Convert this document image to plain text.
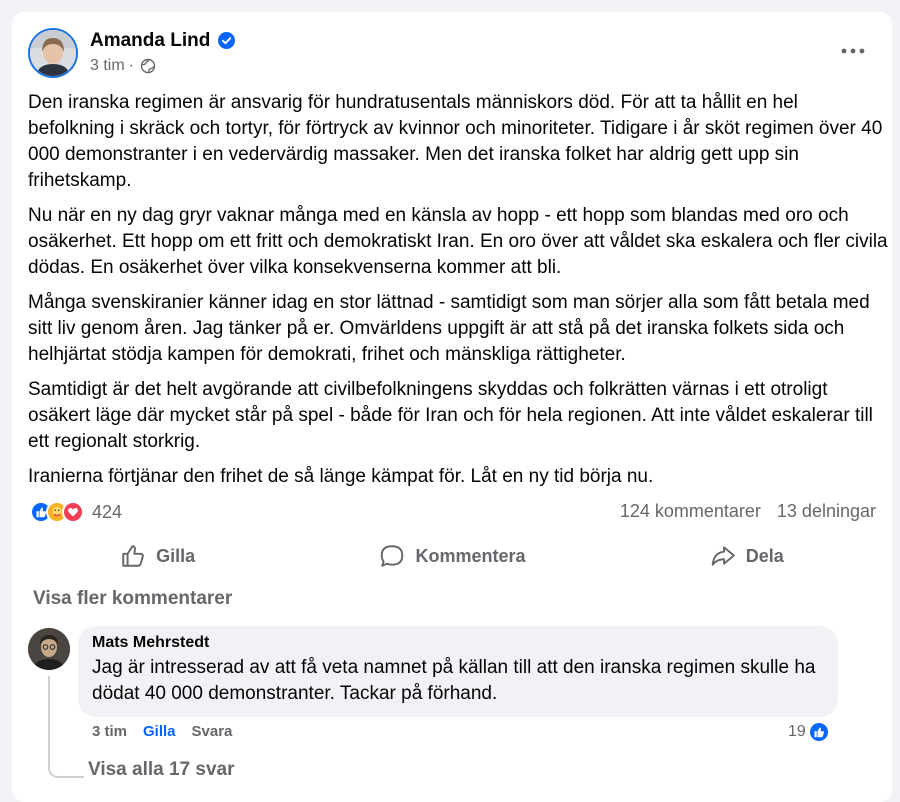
Amanda Lind
3 tim ·

Den iranska regimen är ansvarig för hundratusentals människors död. För att ta hållit en hel befolkning i skräck och tortyr, för förtryck av kvinnor och minoriteter. Tidigare i år sköt regimen över 40 000 demonstranter i en vedervärdig massaker. Men det iranska folket har aldrig gett upp sin frihetskamp.

Nu när en ny dag gryr vaknar många med en känsla av hopp - ett hopp som blandas med oro och osäkerhet. Ett hopp om ett fritt och demokratiskt Iran. En oro över att våldet ska eskalera och fler civila dödas. En osäkerhet över vilka konsekvenserna kommer att bli.

Många svenskiranier känner idag en stor lättnad - samtidigt som man sörjer alla som fått betala med sitt liv genom åren. Jag tänker på er. Omvärldens uppgift är att stå på det iranska folkets sida och helhjärtat stödja kampen för demokrati, frihet och mänskliga rättigheter.

Samtidigt är det helt avgörande att civilbefolkningens skyddas och folkrätten värnas i ett otroligt osäkert läge där mycket står på spel - både för Iran och för hela regionen. Att inte våldet eskalerar till ett regionalt storkrig.

Iranierna förtjänar den frihet de så länge kämpat för. Låt en ny tid börja nu.

424	124 kommentarer 13 delningar
Gilla	Kommentera	Dela
Visa fler kommentarer
Mats Mehrstedt
Jag är intresserad av att få veta namnet på källan till att den iranska regimen skulle ha dödat 40 000 demonstranter. Tackar på förhand.
3 tim Gilla Svara	19
Visa alla 17 svar
